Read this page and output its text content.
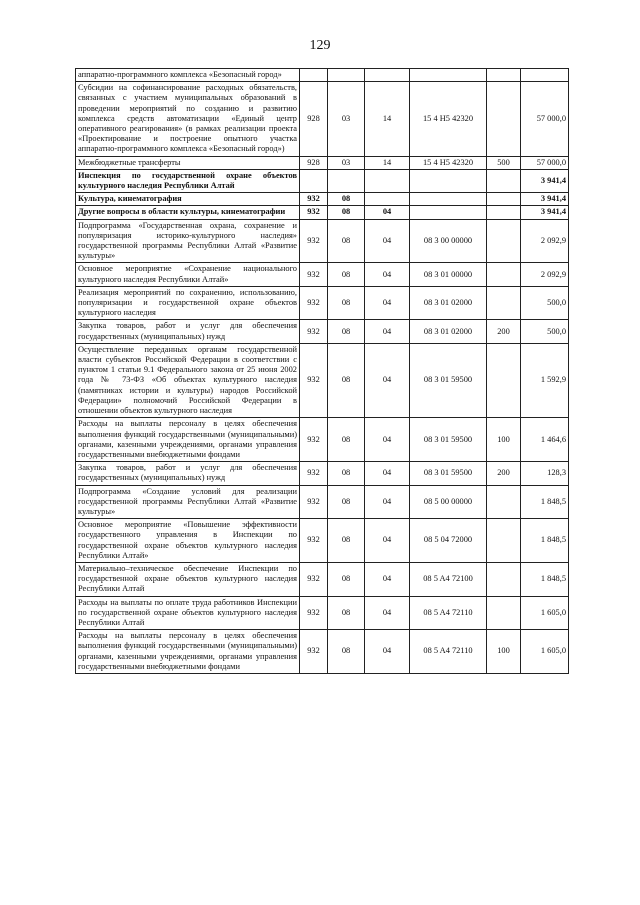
129
аппаратно-программного комплекса «Безопасный город»						
Субсидии на софинансирование расходных обязательств, связанных с участием муниципальных образований в проведении мероприятий по созданию и развитию комплекса средств автоматизации «Единый центр оперативного реагирования» (в рамках реализации проекта «Проектирование и построение опытного участка аппаратно-программного комплекса «Безопасный город»)	928	03	14	15 4 H5 42320		57 000,0
Межбюджетные трансферты	928	03	14	15 4 H5 42320	500	57 000,0
Инспекция по государственной охране объектов культурного наследия Республики Алтай						3 941,4
Культура, кинематография	932	08				3 941,4
Другие вопросы в области культуры, кинематографии	932	08	04			3 941,4
Подпрограмма «Государственная охрана, сохранение и популяризация историко-культурного наследия» государственной программы Республики Алтай «Развитие культуры»	932	08	04	08 3 00 00000		2 092,9
Основное мероприятие «Сохранение национального культурного наследия Республики Алтай»	932	08	04	08 3 01 00000		2 092,9
Реализация мероприятий по сохранению, использованию, популяризации и государственной охране объектов культурного наследия	932	08	04	08 3 01 02000		500,0
Закупка товаров, работ и услуг для обеспечения государственных (муниципальных) нужд	932	08	04	08 3 01 02000	200	500,0
Осуществление переданных органам государственной власти субъектов Российской Федерации в соответствии с пунктом 1 статьи 9.1 Федерального закона от 25 июня 2002 года № 73-ФЗ «Об объектах культурного наследия (памятниках истории и культуры) народов Российской Федерации» полномочий Российской Федерации в отношении объектов культурного наследия	932	08	04	08 3 01 59500		1 592,9
Расходы на выплаты персоналу в целях обеспечения выполнения функций государственными (муниципальными) органами, казенными учреждениями, органами управления государственными внебюджетными фондами	932	08	04	08 3 01 59500	100	1 464,6
Закупка товаров, работ и услуг для обеспечения государственных (муниципальных) нужд	932	08	04	08 3 01 59500	200	128,3
Подпрограмма «Создание условий для реализации государственной программы Республики Алтай «Развитие культуры»	932	08	04	08 5 00 00000		1 848,5
Основное мероприятие «Повышение эффективности государственного управления в Инспекции по государственной охране объектов культурного наследия Республики Алтай»	932	08	04	08 5 04 72000		1 848,5
Материально–техническое обеспечение Инспекции по государственной охране объектов культурного наследия Республики Алтай	932	08	04	08 5 A4 72100		1 848,5
Расходы на выплаты по оплате труда работников Инспекции по государственной охране объектов культурного наследия Республики Алтай	932	08	04	08 5 A4 72110		1 605,0
Расходы на выплаты персоналу в целях обеспечения выполнения функций государственными (муниципальными) органами, казенными учреждениями, органами управления государственными внебюджетными фондами	932	08	04	08 5 A4 72110	100	1 605,0
